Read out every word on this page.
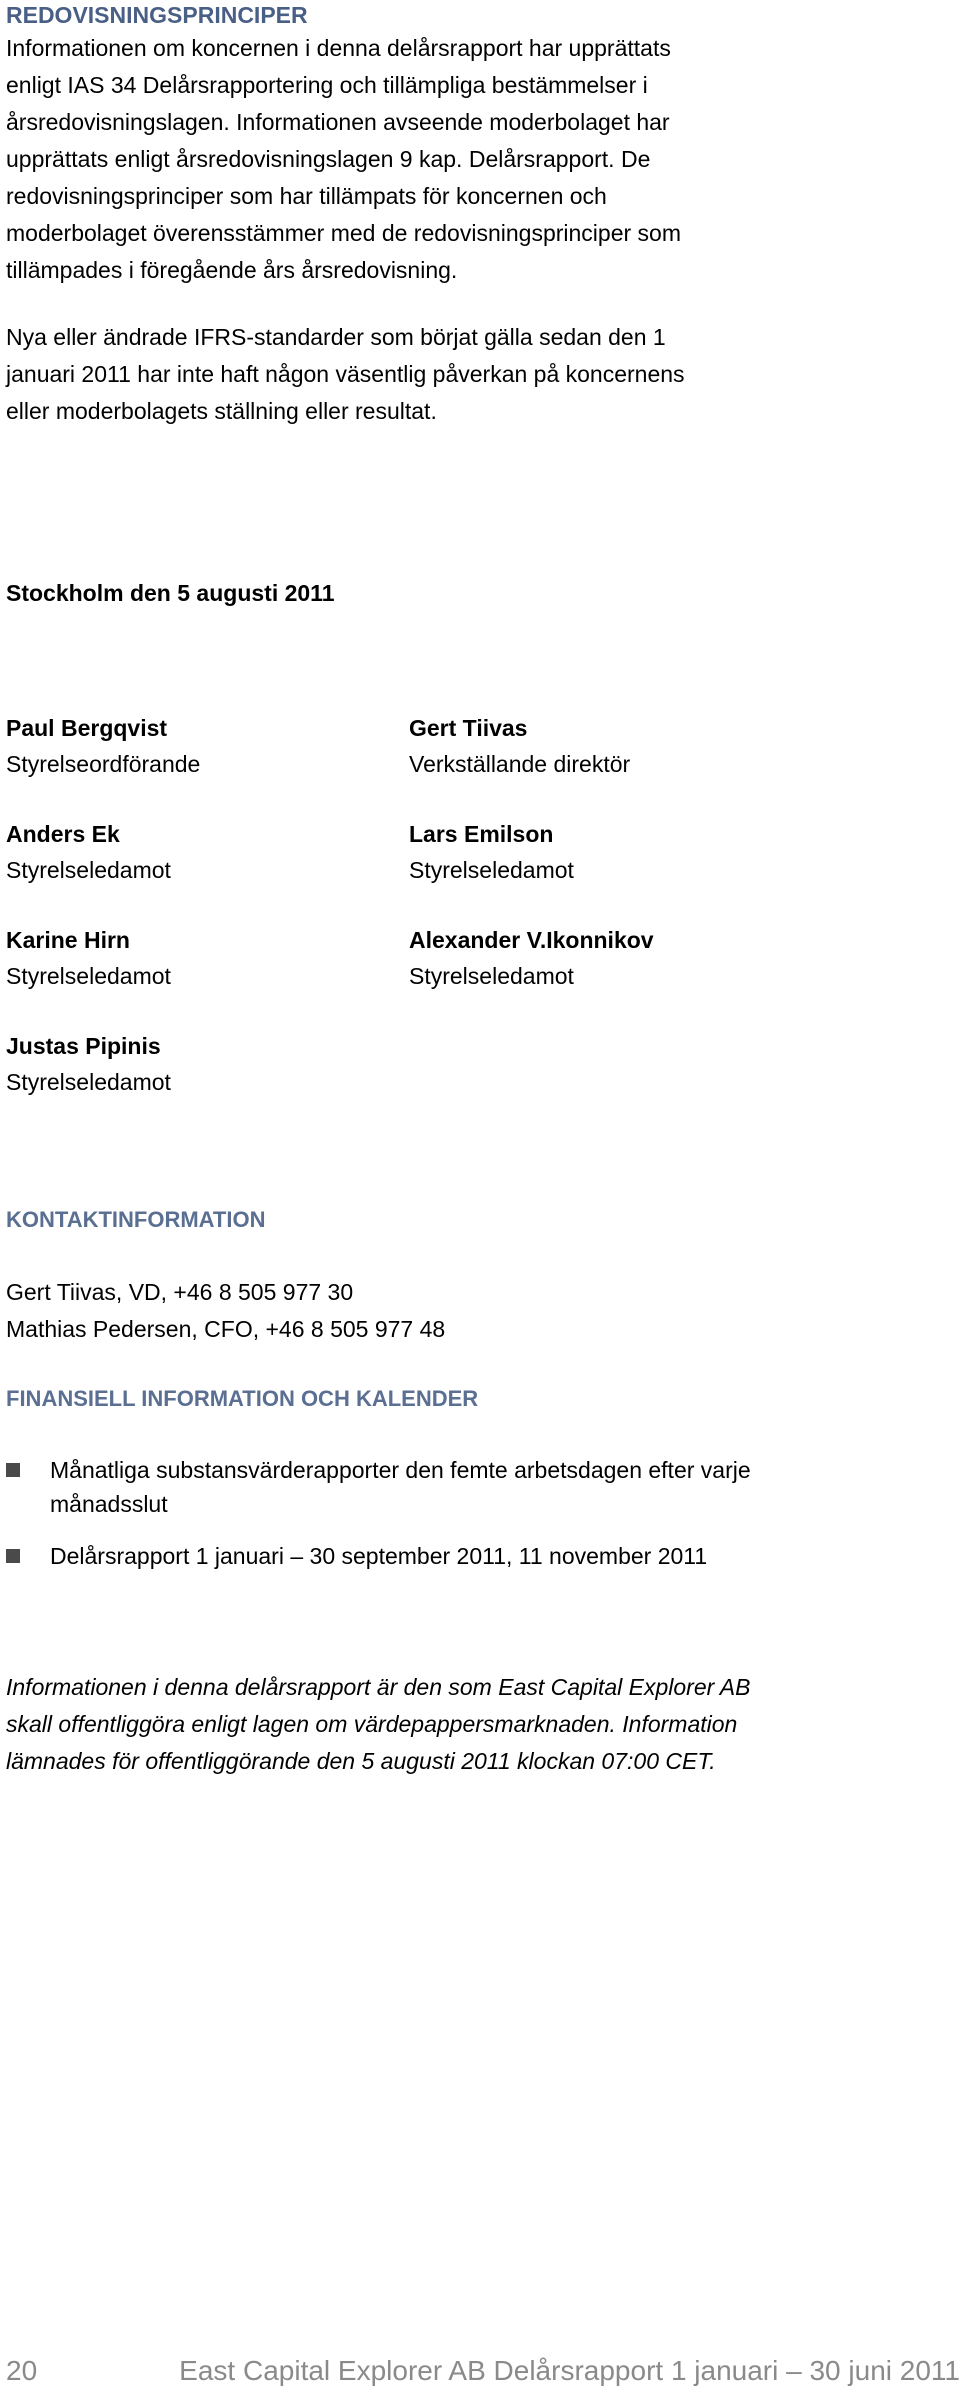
REDOVISNINGSPRINCIPER

Informationen om koncernen i denna delårsrapport har upprättats enligt IAS 34 Delårsrapportering och tillämpliga bestämmelser i årsredovisningslagen. Informationen avseende moderbolaget har upprättats enligt årsredovisningslagen 9 kap. Delårsrapport. De redovisningsprinciper som har tillämpats för koncernen och moderbolaget överensstämmer med de redovisningsprinciper som tillämpades i föregående års årsredovisning.

Nya eller ändrade IFRS-standarder som börjat gälla sedan den 1 januari 2011 har inte haft någon väsentlig påverkan på koncernens eller moderbolagets ställning eller resultat.

Stockholm den 5 augusti 2011

Paul Bergqvist

Styrelseordförande

Gert Tiivas

Verkställande direktör

Anders Ek

Styrelseledamot

Lars Emilson

Styrelseledamot

Karine Hirn

Styrelseledamot

Alexander V.Ikonnikov

Styrelseledamot

Justas Pipinis

Styrelseledamot

KONTAKTINFORMATION

Gert Tiivas, VD, +46 8 505 977 30

Mathias Pedersen, CFO, +46 8 505 977 48

FINANSIELL INFORMATION OCH KALENDER

Månatliga substansvärderapporter den femte arbetsdagen efter varje månadsslut
Delårsrapport 1 januari – 30 september 2011, 11 november 2011

Informationen i denna delårsrapport är den som East Capital Explorer AB skall offentliggöra enligt lagen om värdepappersmarknaden. Information lämnades för offentliggörande den 5 augusti 2011 klockan 07:00 CET.

20	East Capital Explorer AB Delårsrapport 1 januari – 30 juni 2011
